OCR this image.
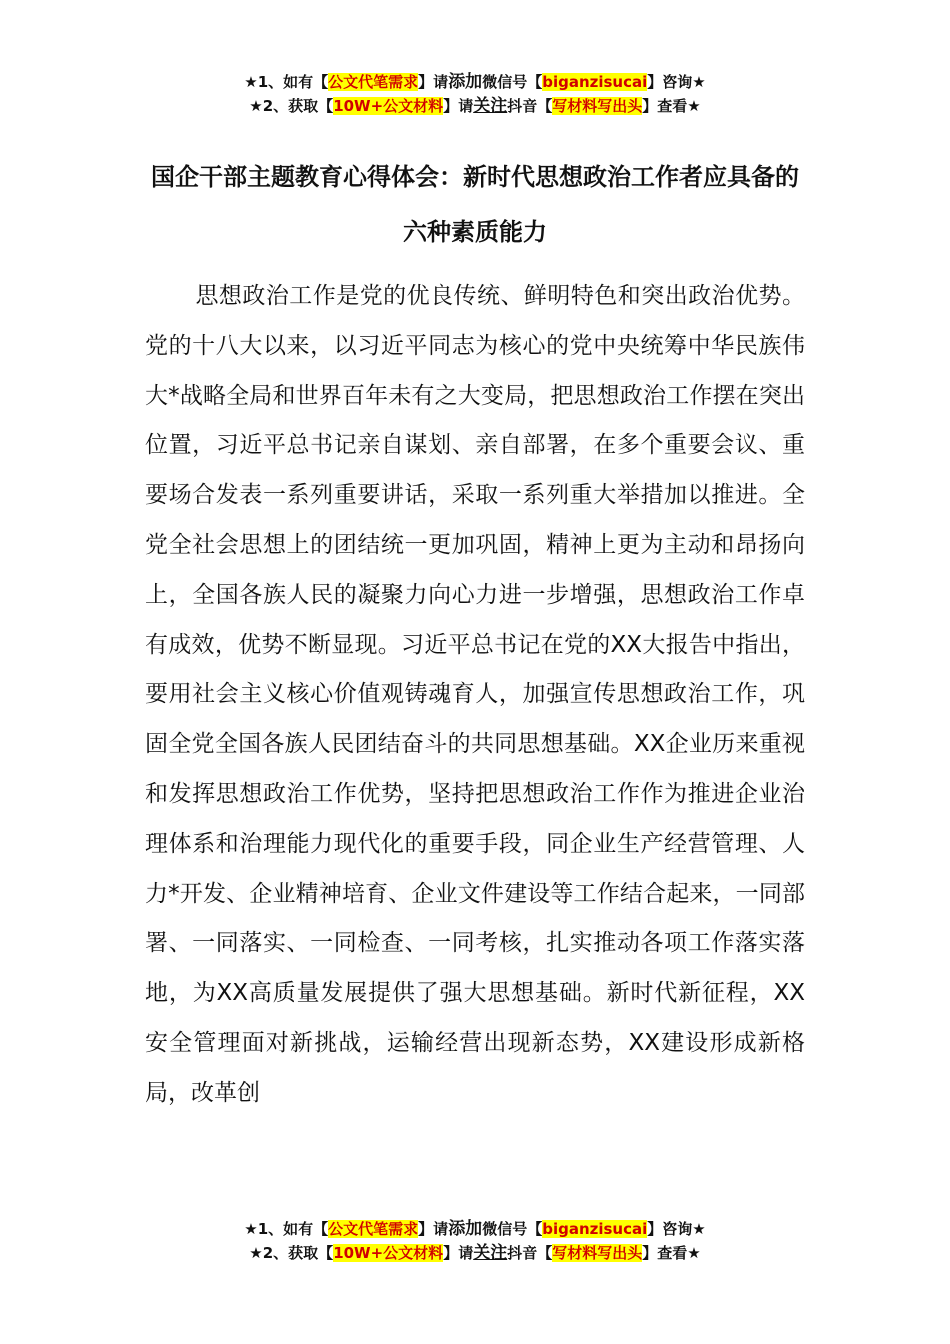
★1、如有【公文代笔需求】请添加微信号【biganzisucai】咨询★
★2、获取【10W+公文材料】请关注抖音【写材料写出头】查看★
国企干部主题教育心得体会：新时代思想政治工作者应具备的六种素质能力

思想政治工作是党的优良传统、鲜明特色和突出政治优势。党的十八大以来，以习近平同志为核心的党中央统筹中华民族伟大*战略全局和世界百年未有之大变局，把思想政治工作摆在突出位置，习近平总书记亲自谋划、亲自部署，在多个重要会议、重要场合发表一系列重要讲话，采取一系列重大举措加以推进。全党全社会思想上的团结统一更加巩固，精神上更为主动和昂扬向上，全国各族人民的凝聚力向心力进一步增强，思想政治工作卓有成效，优势不断显现。习近平总书记在党的XX大报告中指出，要用社会主义核心价值观铸魂育人，加强宣传思想政治工作，巩固全党全国各族人民团结奋斗的共同思想基础。XX企业历来重视和发挥思想政治工作优势，坚持把思想政治工作作为推进企业治理体系和治理能力现代化的重要手段，同企业生产经营管理、人力*开发、企业精神培育、企业文件建设等工作结合起来，一同部署、一同落实、一同检查、一同考核，扎实推动各项工作落实落地，为XX高质量发展提供了强大思想基础。新时代新征程，XX安全管理面对新挑战，运输经营出现新态势，XX建设形成新格局，改革创

★1、如有【公文代笔需求】请添加微信号【biganzisucai】咨询★
★2、获取【10W+公文材料】请关注抖音【写材料写出头】查看★
